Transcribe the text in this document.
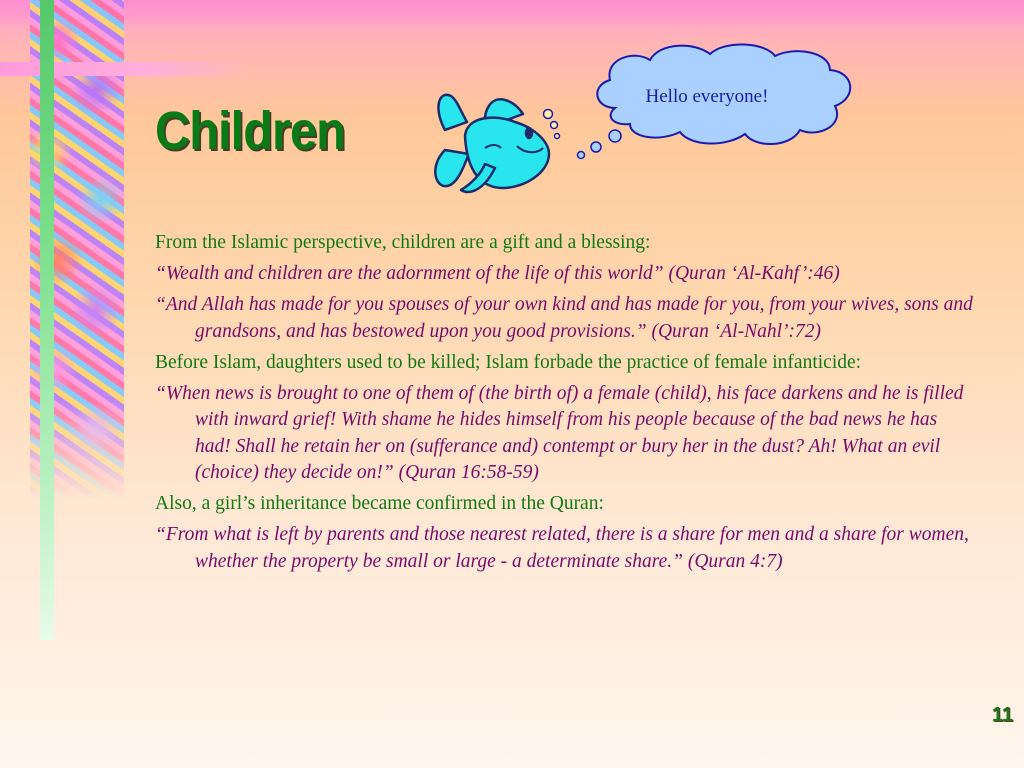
Children

Hello everyone!

From the Islamic perspective, children are a gift and a blessing:

“Wealth and children are the adornment of the life of this world” (Quran ‘Al-Kahf’:46)

“And Allah has made for you spouses of your own kind and has made for you, from your wives, sons and grandsons, and has bestowed upon you good provisions.” (Quran ‘Al-Nahl’:72)

Before Islam, daughters used to be killed; Islam forbade the practice of female infanticide:

“When news is brought to one of them of (the birth of) a female (child), his face darkens and he is filled with inward grief! With shame he hides himself from his people because of the bad news he has had! Shall he retain her on (sufferance and) contempt or bury her in the dust? Ah! What an evil (choice) they decide on!” (Quran 16:58-59)

Also, a girl’s inheritance became confirmed in the Quran:

“From what is left by parents and those nearest related, there is a share for men and a share for women, whether the property be small or large - a determinate share.” (Quran 4:7)

11
